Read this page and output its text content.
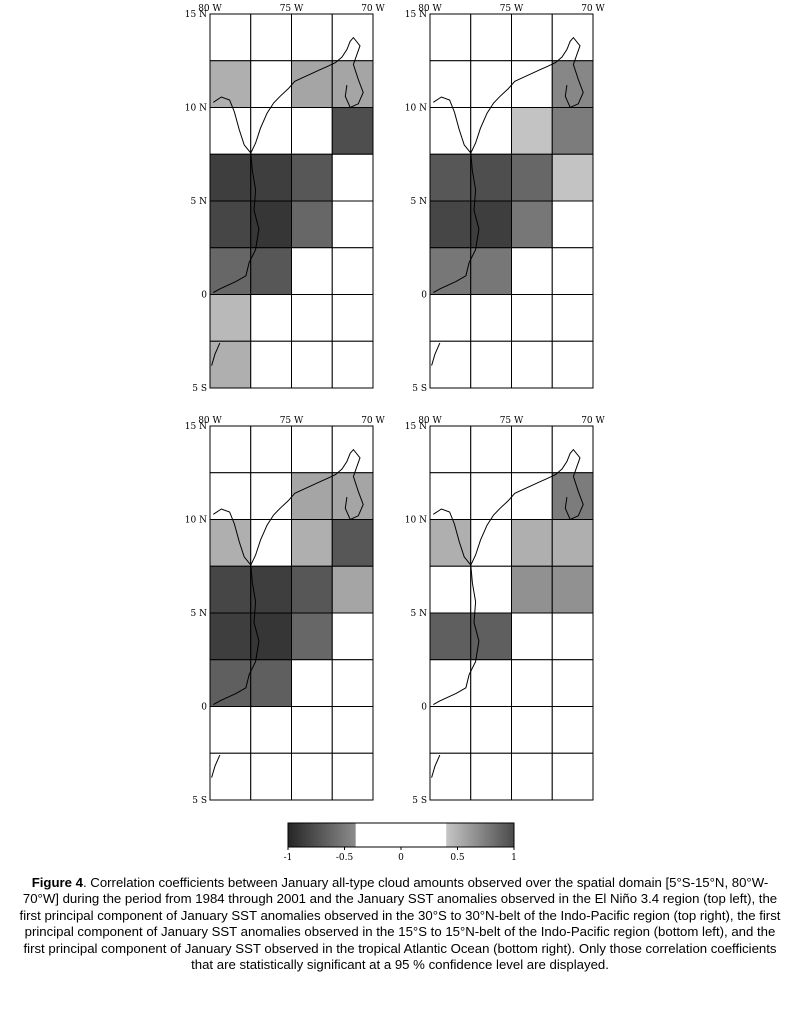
80 W	75 W	70 W
15 N
10 N
5 N
0
5 S
80 W	75 W	70 W
15 N
10 N
5 N
0
5 S
80 W	75 W	70 W
15 N
10 N
5 N
0
5 S
80 W	75 W	70 W
15 N
10 N
5 N
0
5 S
-1	-0.5	0	0.5	1
Figure 4. Correlation coefficients between January all-type cloud amounts observed over the spatial domain [5°S-15°N, 80°W-70°W] during the period from 1984 through 2001 and the January SST anomalies observed in the El Niño 3.4 region (top left), the first principal component of January SST anomalies observed in the 30°S to 30°N-belt of the Indo-Pacific region (top right), the first principal component of January SST anomalies observed in the 15°S to 15°N-belt of the Indo-Pacific region (bottom left), and the first principal component of January SST observed in the tropical Atlantic Ocean (bottom right). Only those correlation coefficients that are statistically significant at a 95 % confidence level are displayed.
